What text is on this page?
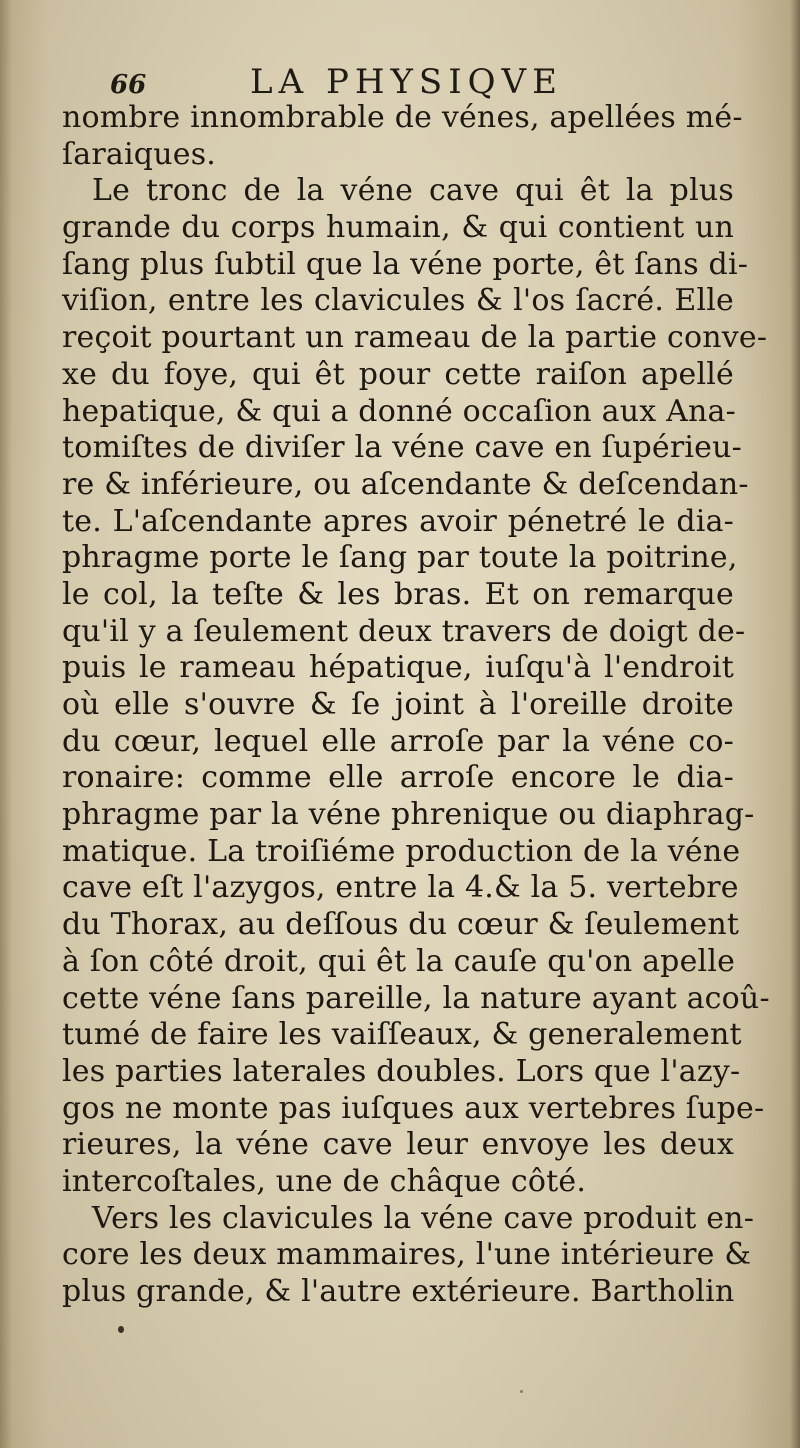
66	LA PHYSIQVE
nombre innombrable de vénes, apellées mé-
ſaraiques.
Le tronc de la véne cave qui êt la plus
grande du corps humain, & qui contient un
ſang plus ſubtil que la véne porte, êt ſans di-
viſion, entre les clavicules & l'os ſacré. Elle
reçoit pourtant un rameau de la partie conve-
xe du foye, qui êt pour cette raiſon apellé
hepatique, & qui a donné occaſion aux Ana-
tomiſtes de diviſer la véne cave en ſupérieu-
re & inférieure, ou aſcendante & deſcendan-
te. L'aſcendante apres avoir pénetré le dia-
phragme porte le ſang par toute la poitrine,
le col, la teſte & les bras. Et on remarque
qu'il y a ſeulement deux travers de doigt de-
puis le rameau hépatique, iuſqu'à l'endroit
où elle s'ouvre & ſe joint à l'oreille droite
du cœur, lequel elle arroſe par la véne co-
ronaire: comme elle arroſe encore le dia-
phragme par la véne phrenique ou diaphrag-
matique. La troiſiéme production de la véne
cave eſt l'azygos, entre la 4.& la 5. vertebre
du Thorax, au deſſous du cœur & ſeulement
à ſon côté droit, qui êt la cauſe qu'on apelle
cette véne ſans pareille, la nature ayant acoû-
tumé de faire les vaiſſeaux, & generalement
les parties laterales doubles. Lors que l'azy-
gos ne monte pas iuſques aux vertebres ſupe-
rieures, la véne cave leur envoye les deux
intercoſtales, une de châque côté.
Vers les clavicules la véne cave produit en-
core les deux mammaires, l'une intérieure &
plus grande, & l'autre extérieure. Bartholin
